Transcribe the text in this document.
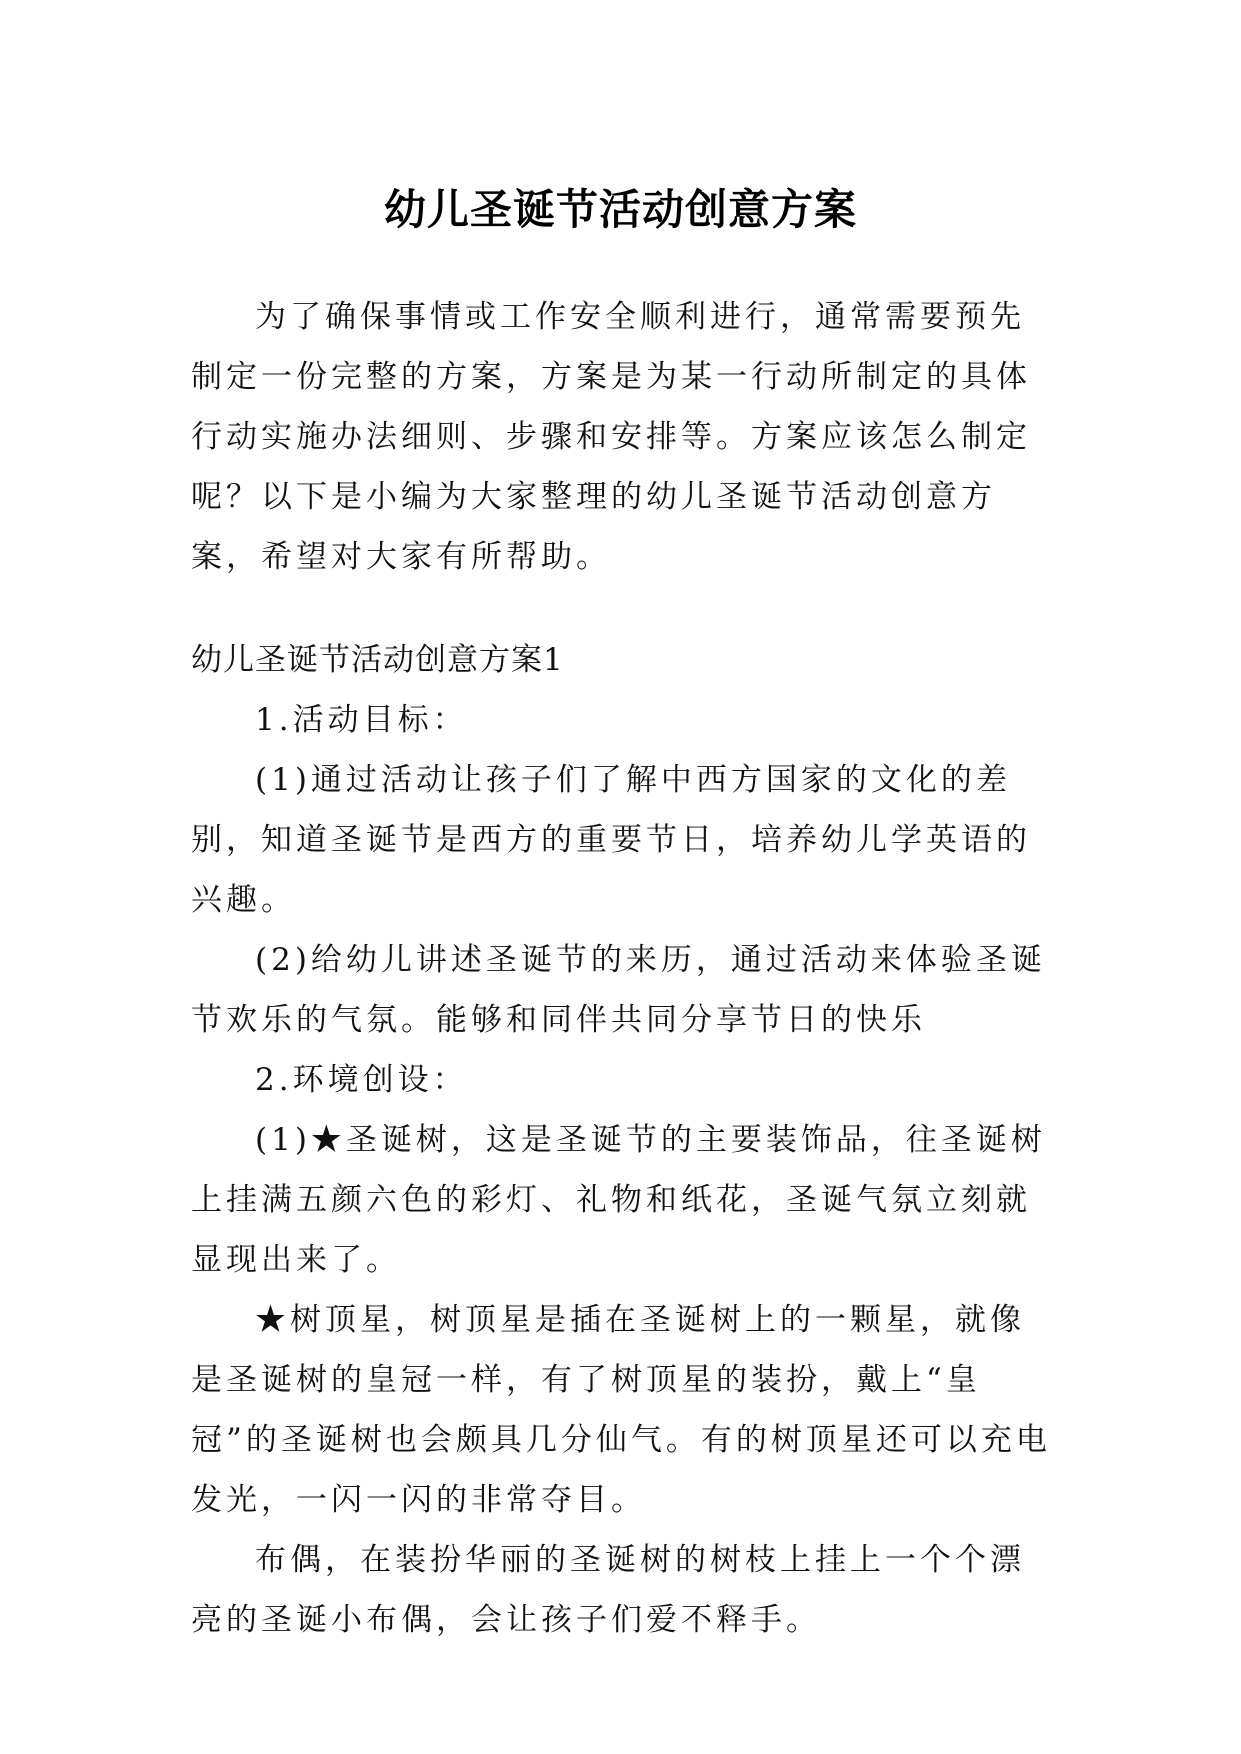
幼儿圣诞节活动创意方案

为了确保事情或工作安全顺利进行，通常需要预先制定一份完整的方案，方案是为某一行动所制定的具体行动实施办法细则、步骤和安排等。方案应该怎么制定呢？以下是小编为大家整理的幼儿圣诞节活动创意方案，希望对大家有所帮助。

幼儿圣诞节活动创意方案1

1.活动目标：

(1)通过活动让孩子们了解中西方国家的文化的差别，知道圣诞节是西方的重要节日，培养幼儿学英语的兴趣。

(2)给幼儿讲述圣诞节的来历，通过活动来体验圣诞节欢乐的气氛。能够和同伴共同分享节日的快乐

2.环境创设：

(1)★圣诞树，这是圣诞节的主要装饰品，往圣诞树上挂满五颜六色的彩灯、礼物和纸花，圣诞气氛立刻就显现出来了。

★树顶星，树顶星是插在圣诞树上的一颗星，就像是圣诞树的皇冠一样，有了树顶星的装扮，戴上“皇冠”的圣诞树也会颇具几分仙气。有的树顶星还可以充电发光，一闪一闪的非常夺目。

布偶，在装扮华丽的圣诞树的树枝上挂上一个个漂亮的圣诞小布偶，会让孩子们爱不释手。
